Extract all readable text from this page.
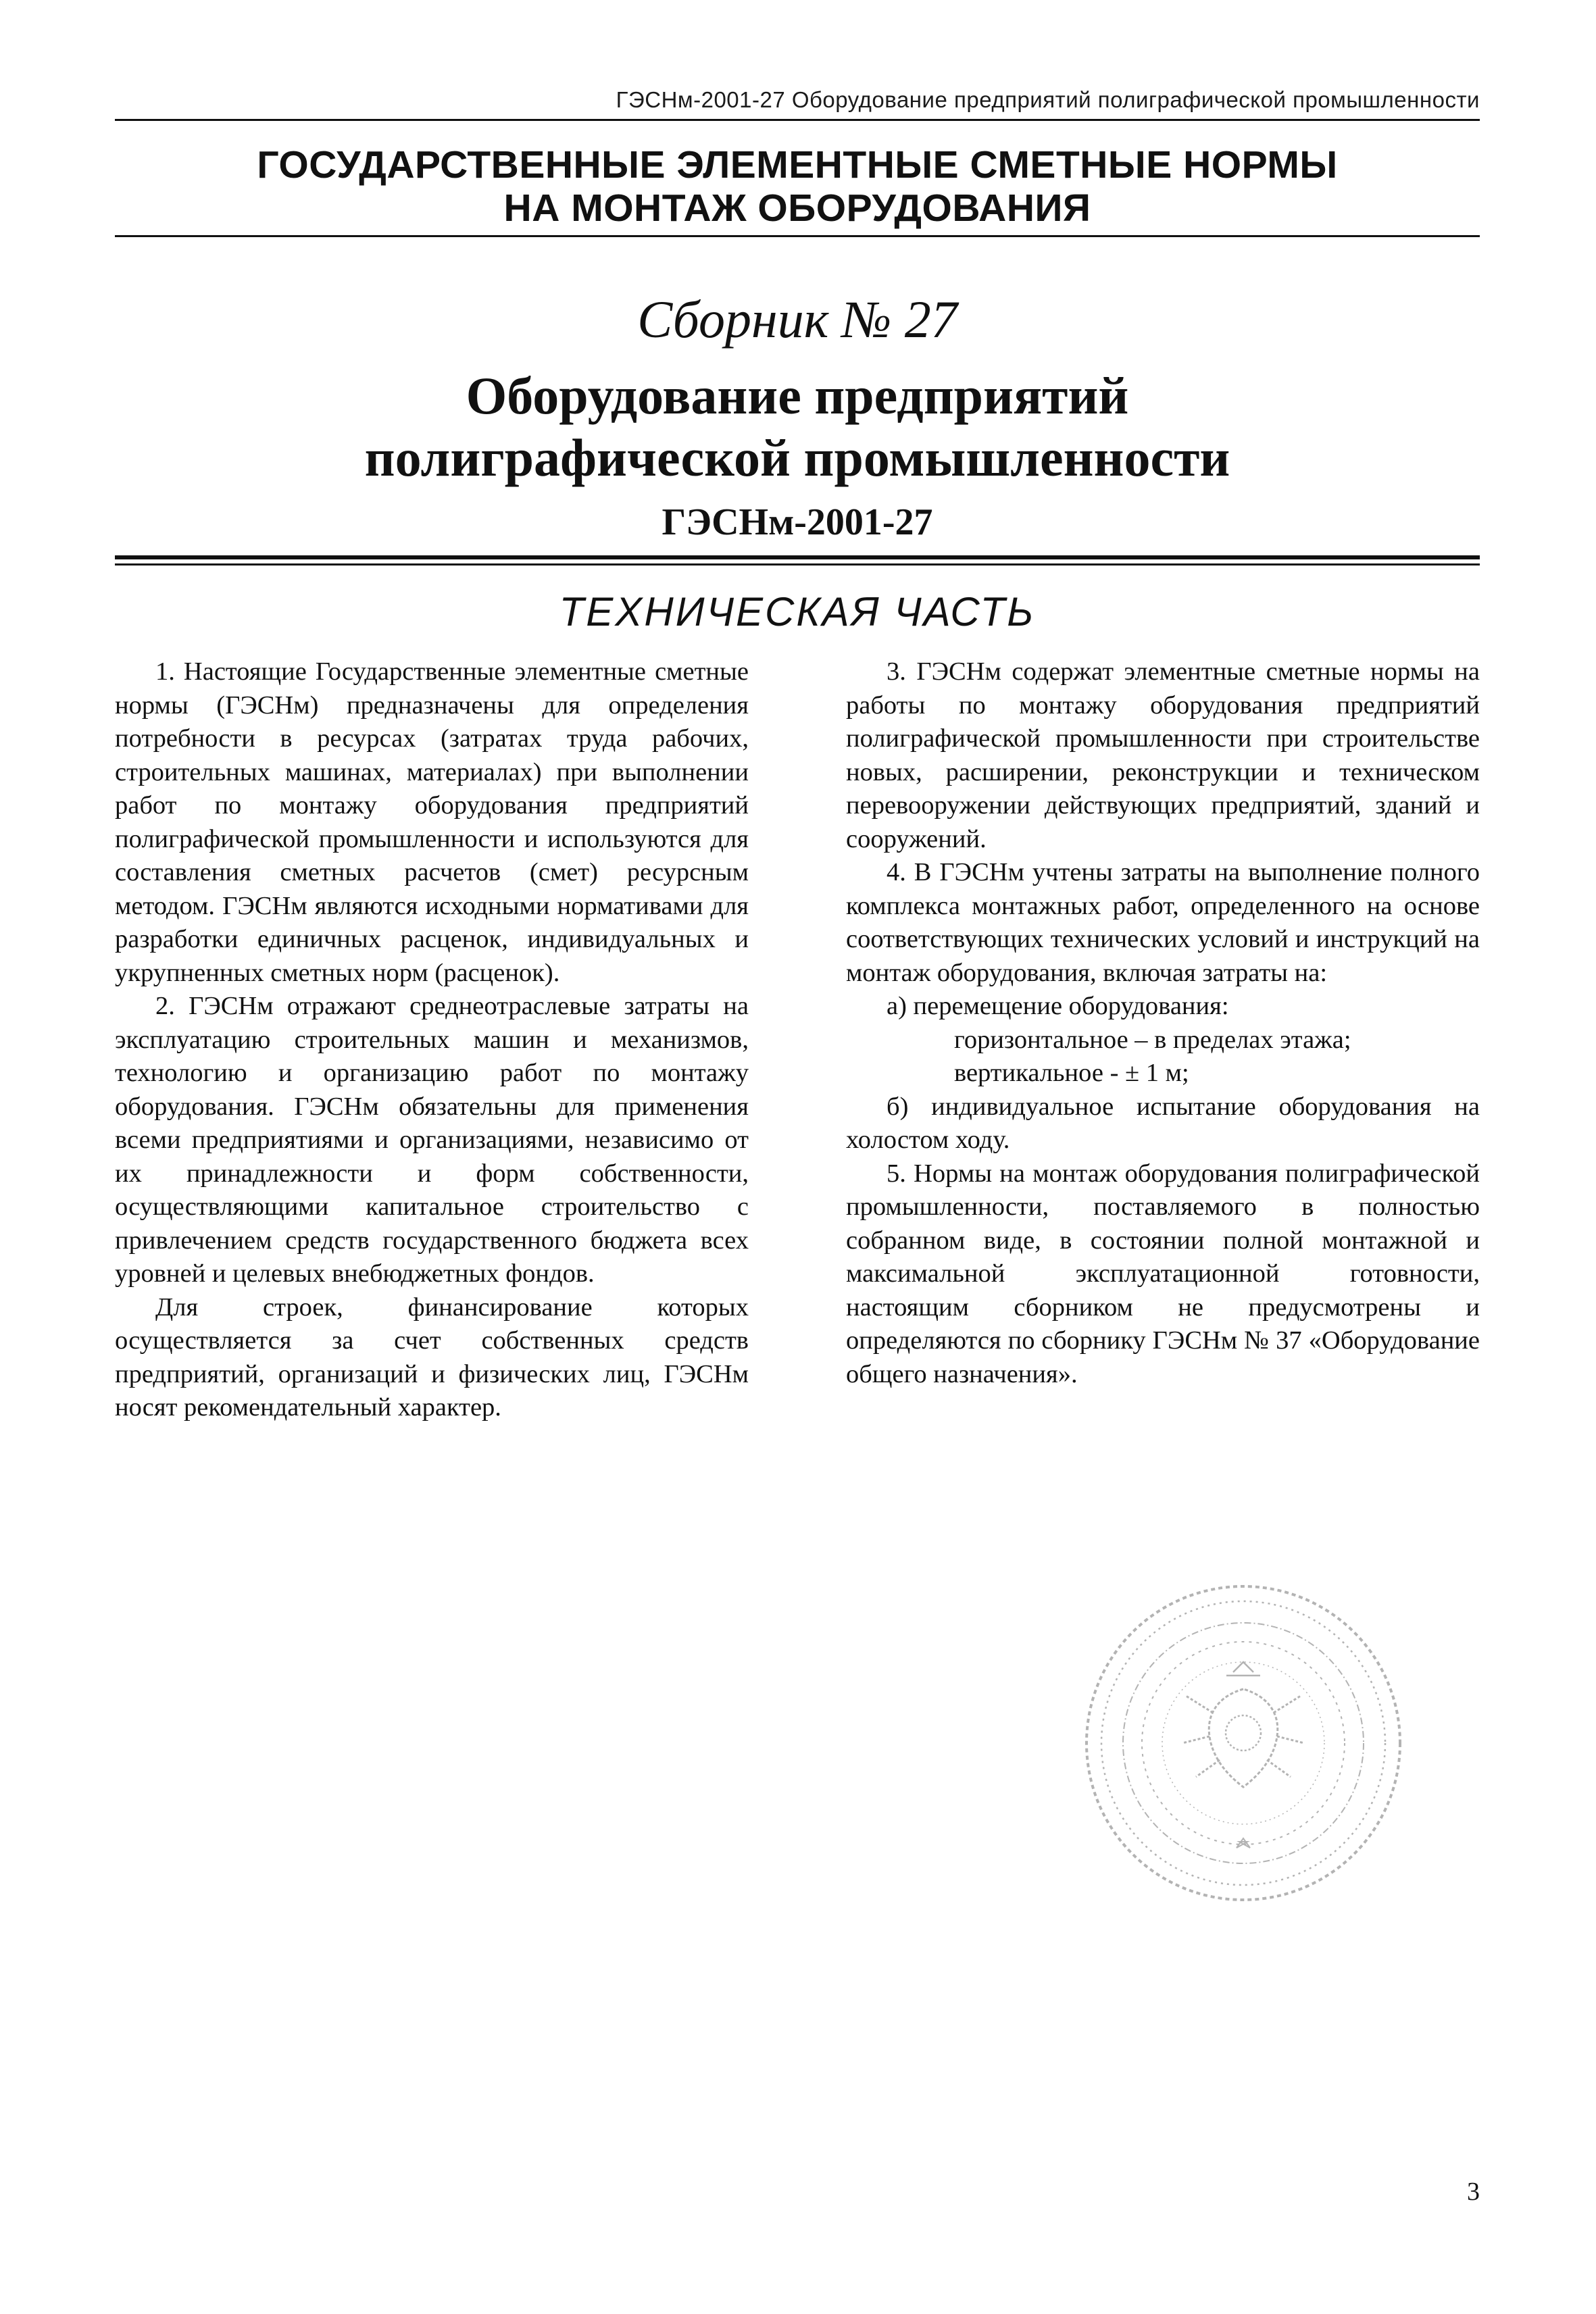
ГЭСНм-2001-27 Оборудование предприятий полиграфической промышленности
ГОСУДАРСТВЕННЫЕ ЭЛЕМЕНТНЫЕ СМЕТНЫЕ НОРМЫ
НА МОНТАЖ ОБОРУДОВАНИЯ
Сборник № 27
Оборудование предприятий
полиграфической промышленности
ГЭСНм-2001-27
ТЕХНИЧЕСКАЯ ЧАСТЬ

1. Настоящие Государственные элементные сметные нормы (ГЭСНм) предназначены для определения потребности в ресурсах (затратах труда рабочих, строительных машинах, материалах) при выполнении работ по монтажу оборудования предприятий полиграфической промышленности и используются для составления сметных расчетов (смет) ресурсным методом. ГЭСНм являются исходными нормативами для разработки единичных расценок, индивидуальных и укрупненных сметных норм (расценок).

2. ГЭСНм отражают среднеотраслевые затраты на эксплуатацию строительных машин и механизмов, технологию и организацию работ по монтажу оборудования. ГЭСНм обязательны для применения всеми предприятиями и организациями, независимо от их принадлежности и форм собственности, осуществляющими капитальное строительство с привлечением средств государственного бюджета всех уровней и целевых внебюджетных фондов.

Для строек, финансирование которых осуществляется за счет собственных средств предприятий, организаций и физических лиц, ГЭСНм носят рекомендательный характер.

3. ГЭСНм содержат элементные сметные нормы на работы по монтажу оборудования предприятий полиграфической промышленности при строительстве новых, расширении, реконструкции и техническом перевооружении действующих предприятий, зданий и сооружений.

4. В ГЭСНм учтены затраты на выполнение полного комплекса монтажных работ, определенного на основе соответствующих технических условий и инструкций на монтаж оборудования, включая затраты на:

а) перемещение оборудования:

горизонтальное – в пределах этажа;

вертикальное - ± 1 м;

б) индивидуальное испытание оборудования на холостом ходу.

5. Нормы на монтаж оборудования полиграфической промышленности, поставляемого в полностью собранном виде, в состоянии полной монтажной и максимальной эксплуатационной готовности, настоящим сборником не предусмотрены и определяются по сборнику ГЭСНм № 37 «Оборудование общего назначения».

3
